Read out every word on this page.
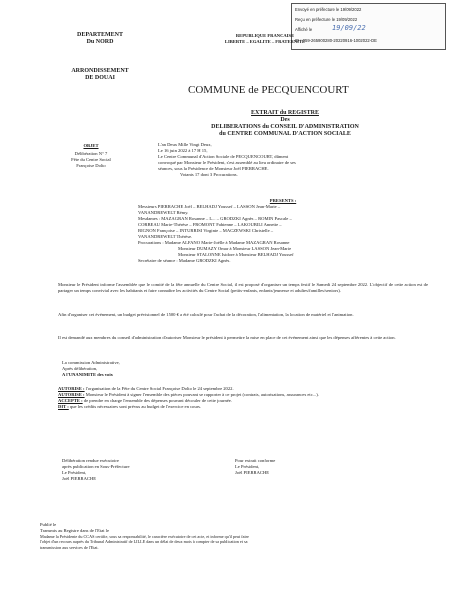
Envoyé en préfecture le 19/09/2022
Reçu en préfecture le 19/09/2022
Affiché le	19/09/22
ID : 059-265900280-20220916-1002022-DE
DEPARTEMENT
Du NORD
REPUBLIQUE FRANCAISE
LIBERTE – EGALITE – FRATERNITE
ARRONDISSEMENT
DE DOUAI
COMMUNE de PECQUENCOURT
EXTRAIT du REGISTRE
Des
DELIBERATIONS du CONSEIL D'ADMINISTRATION
du CENTRE COMMUNAL D'ACTION SOCIALE
OBJET
Délibération N° 7
Fête du Centre Social
Françoise Dolto
L'an Deux Mille Vingt Deux,
Le 16 juin 2022 à 17 H 15,
Le Centre Communal d'Action Sociale de PECQUENCOURT, dûment
convoqué par Monsieur le Président, s'est assemblé au lieu ordinaire de ses
séances, sous la Présidence de Monsieur Joël PIERRACHE.
Votants 17 dont 3 Procurations.
PRESENTS :
Messieurs PIERRACHE Joël – BELHADJ Youssef – LASSON Jean-Marie –
VANANDREWELT Rémy.
Mesdames : MAZAGRAN Rosanne – L... – GRODZKI Agnès – ROMIN Pascale –
CORBEAU Marie-Thérèse – FROMONT Fabienne – LAKOUBILI Annette –
BIGNON Françoise – INTURRISI Virginie – MACZEWSKI Christelle –
VANANDREWELT Thérèse.
Procurations : Madame ALFANO Marie-Joëlle à Madame MAZAGRAN Rosanne
Monsieur DUMAZY Omar à Monsieur LASSON Jean-Marie
Monsieur STALONNE Isidore à Monsieur BELHADJ Youssef
Secrétaire de séance : Madame GRODZKI Agnès.
Monsieur le Président informe l'assemblée que le comité de la fête annuelle du Centre Social, il est proposé d'organiser un temps festif le Samedi 24 septembre 2022. L'objectif de cette action est de partager un temps convivial avec les habitants et faire connaître les activités du Centre Social (petits-enfants, enfants/jeunesse et adultes/familles/seniors).
Afin d'organiser cet événement, un budget prévisionnel de 1500 € a été calculé pour l'achat de la décoration, l'alimentation, la location de matériel et l'animation.
Il est demandé aux membres du conseil d'administration d'autoriser Monsieur le président à permettre la mise en place de cet événement ainsi que les dépenses afférentes à cette action.
La commission Administrative,
Après délibération,
A l'UNANIMITE des voix
AUTORISE : l'organisation de la Fête du Centre Social Françoise Dolto le 24 septembre 2022.
AUTORISE : Monsieur le Président à signer l'ensemble des pièces pouvant se rapporter à ce projet (contrats, autorisations, assurances etc...).
ACCEPTE : de prendre en charge l'ensemble des dépenses pouvant découler de cette journée.
DIT : que les crédits nécessaires sont prévus au budget de l'exercice en cours.
Délibération rendue exécutoire
après publication en Sous-Préfecture
Le Président,
Joël PIERRACHE
Pour extrait conforme
Le Président,
Joël PIERRACHE
Publié le
Transmis au Registre dans de l'Etat le
Madame la Présidente du CCAS certifie, sous sa responsabilité, le caractère exécutoire de cet acte, et informe qu'il peut faire
l'objet d'un recours auprès du Tribunal Administratif de LILLE dans un délai de deux mois à compter de sa publication et sa
transmission aux services de l'Etat.
